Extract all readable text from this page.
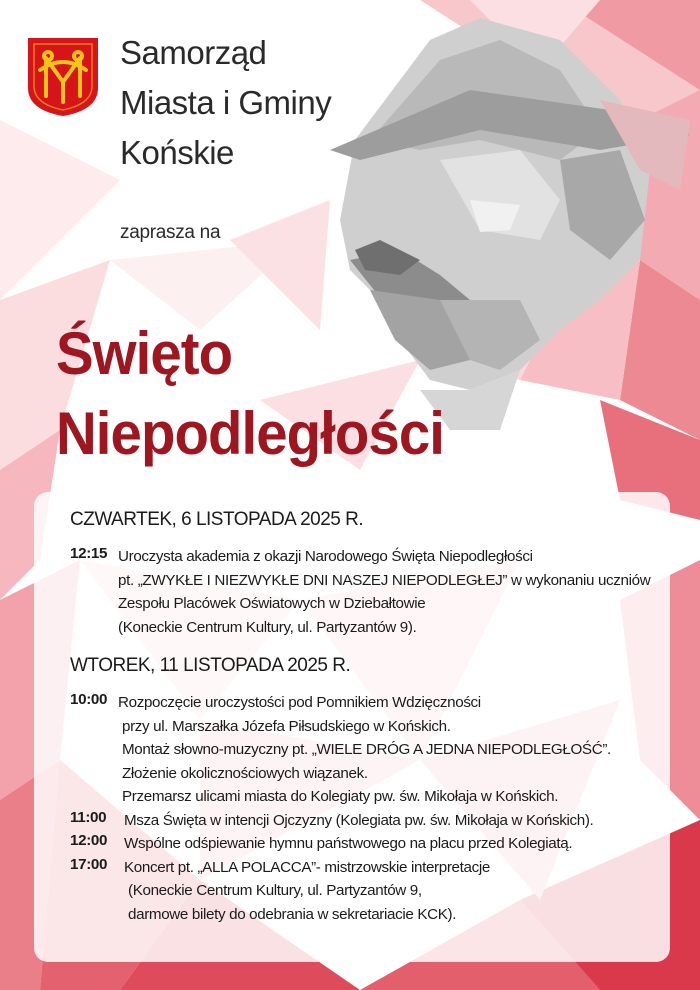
Samorząd
Miasta i Gminy
Końskie
zaprasza na
Święto
Niepodległości
CZWARTEK, 6 LISTOPADA 2025 R.
12:15 Uroczysta akademia z okazji Narodowego Święta Niepodległości
pt. „ZWYKŁE I NIEZWYKŁE DNI NASZEJ NIEPODLEGŁEJ” w wykonaniu uczniów
Zespołu Placówek Oświatowych w Dziebałtowie
(Koneckie Centrum Kultury, ul. Partyzantów 9).
WTOREK, 11 LISTOPADA 2025 R.
10:00 Rozpoczęcie uroczystości pod Pomnikiem Wdzięczności
przy ul. Marszałka Józefa Piłsudskiego w Końskich.
Montaż słowno-muzyczny pt. „WIELE DRÓG A JEDNA NIEPODLEGŁOŚĆ”.
Złożenie okolicznościowych wiązanek.
Przemarsz ulicami miasta do Kolegiaty pw. św. Mikołaja w Końskich.
11:00 Msza Święta w intencji Ojczyzny (Kolegiata pw. św. Mikołaja w Końskich).
12:00 Wspólne odśpiewanie hymnu państwowego na placu przed Kolegiatą.
17:00 Koncert pt. „ALLA POLACCA”- mistrzowskie interpretacje
(Koneckie Centrum Kultury, ul. Partyzantów 9,
darmowe bilety do odebrania w sekretariacie KCK).
